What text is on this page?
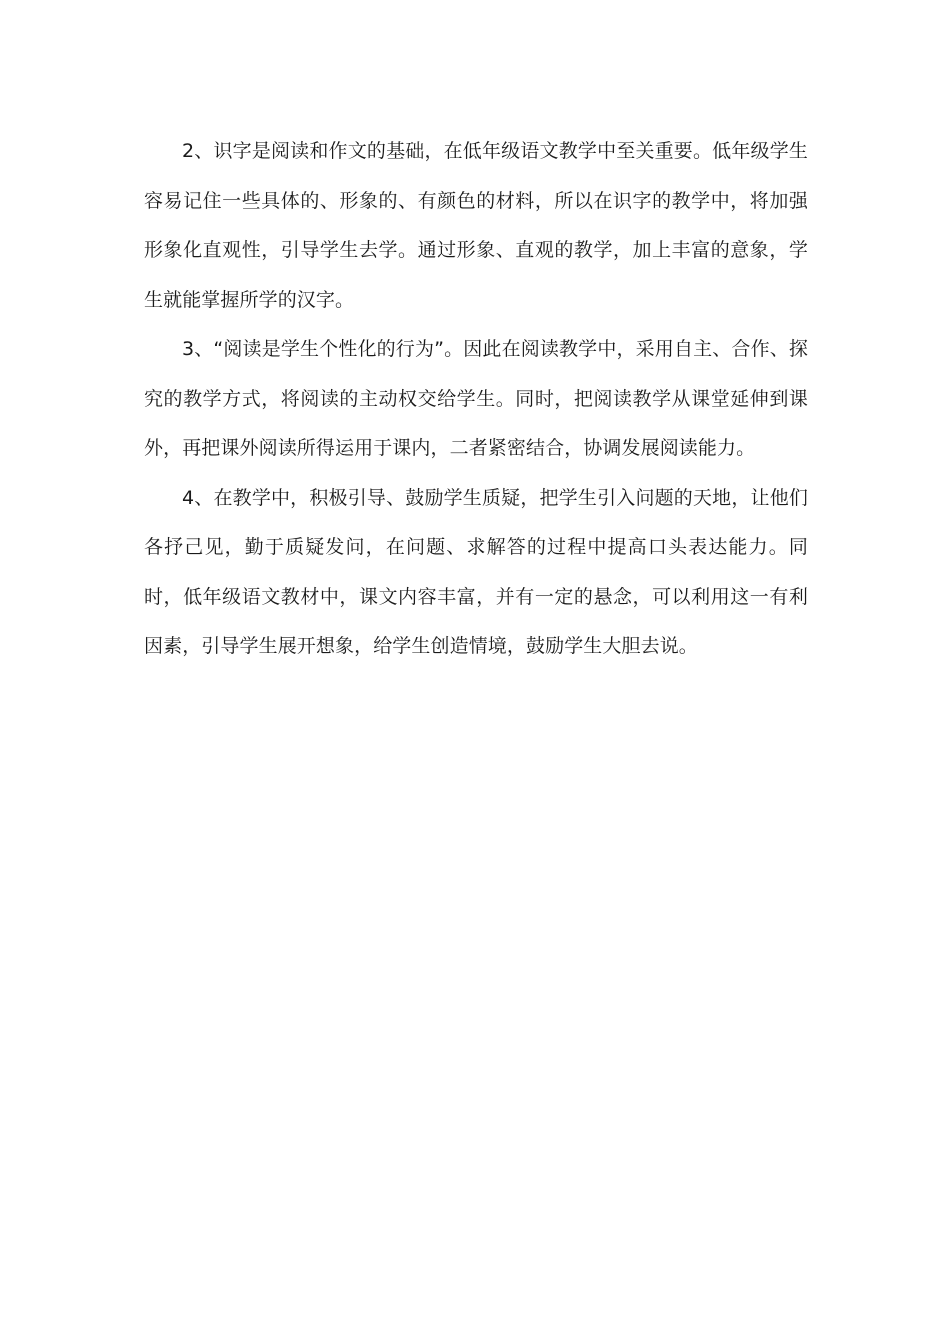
2、识字是阅读和作文的基础，在低年级语文教学中至关重要。低年级学生容易记住一些具体的、形象的、有颜色的材料，所以在识字的教学中，将加强形象化直观性，引导学生去学。通过形象、直观的教学，加上丰富的意象，学生就能掌握所学的汉字。

3、“阅读是学生个性化的行为”。因此在阅读教学中，采用自主、合作、探究的教学方式，将阅读的主动权交给学生。同时，把阅读教学从课堂延伸到课外，再把课外阅读所得运用于课内，二者紧密结合，协调发展阅读能力。

4、在教学中，积极引导、鼓励学生质疑，把学生引入问题的天地，让他们各抒己见，勤于质疑发问，在问题、求解答的过程中提高口头表达能力。同时，低年级语文教材中，课文内容丰富，并有一定的悬念，可以利用这一有利因素，引导学生展开想象，给学生创造情境，鼓励学生大胆去说。
